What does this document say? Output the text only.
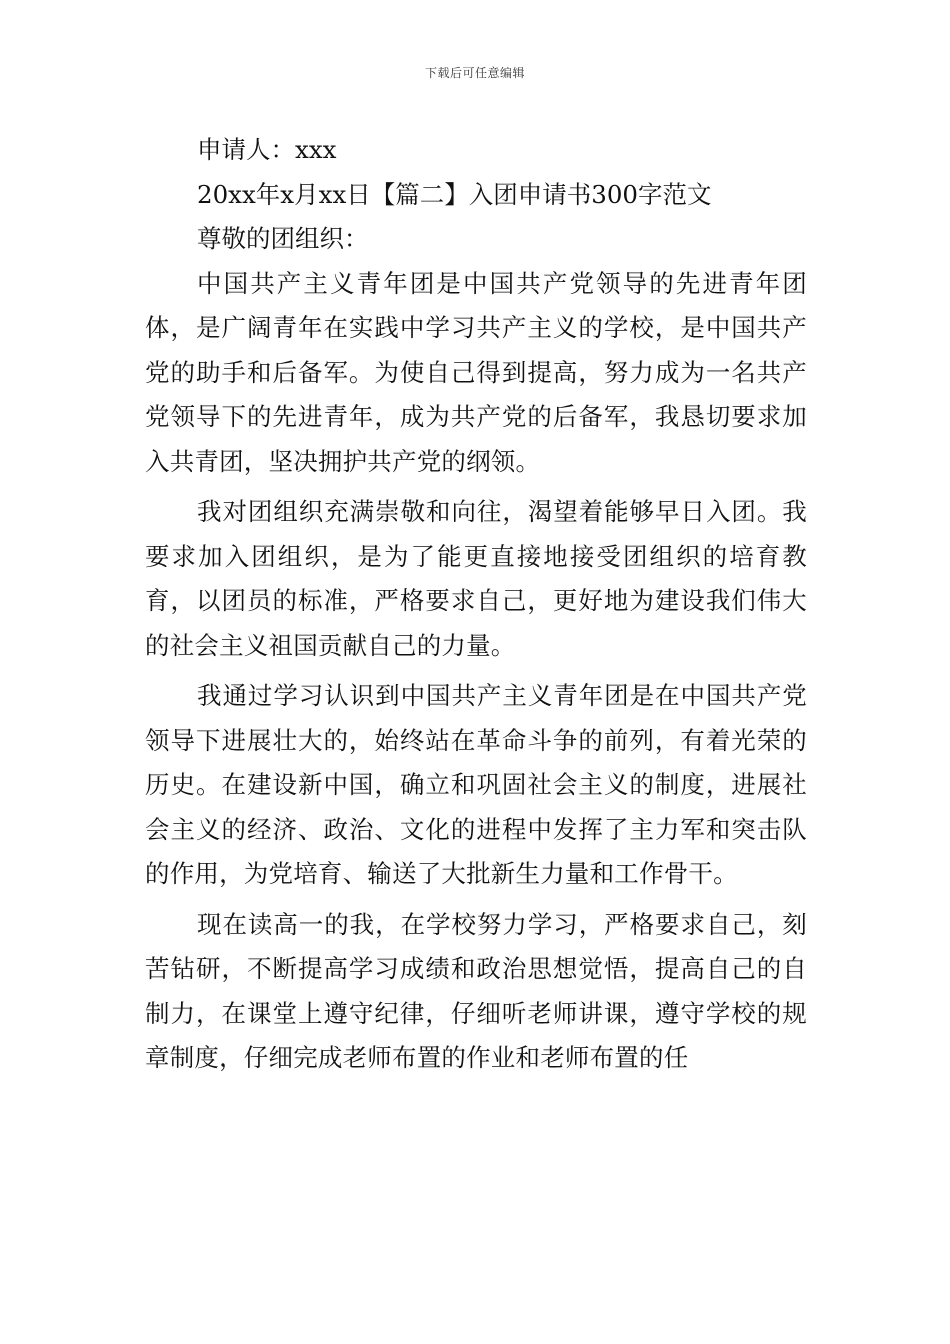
下载后可任意编辑

申请人：xxx

20xx年x月xx日【篇二】入团申请书300字范文

尊敬的团组织：

中国共产主义青年团是中国共产党领导的先进青年团体，是广阔青年在实践中学习共产主义的学校，是中国共产党的助手和后备军。为使自己得到提高，努力成为一名共产党领导下的先进青年，成为共产党的后备军，我恳切要求加入共青团，坚决拥护共产党的纲领。

我对团组织充满崇敬和向往，渴望着能够早日入团。我要求加入团组织，是为了能更直接地接受团组织的培育教育，以团员的标准，严格要求自己，更好地为建设我们伟大的社会主义祖国贡献自己的力量。

我通过学习认识到中国共产主义青年团是在中国共产党领导下进展壮大的，始终站在革命斗争的前列，有着光荣的历史。在建设新中国，确立和巩固社会主义的制度，进展社会主义的经济、政治、文化的进程中发挥了主力军和突击队的作用，为党培育、输送了大批新生力量和工作骨干。

现在读高一的我，在学校努力学习，严格要求自己，刻苦钻研，不断提高学习成绩和政治思想觉悟，提高自己的自制力，在课堂上遵守纪律，仔细听老师讲课，遵守学校的规章制度，仔细完成老师布置的作业和老师布置的任
